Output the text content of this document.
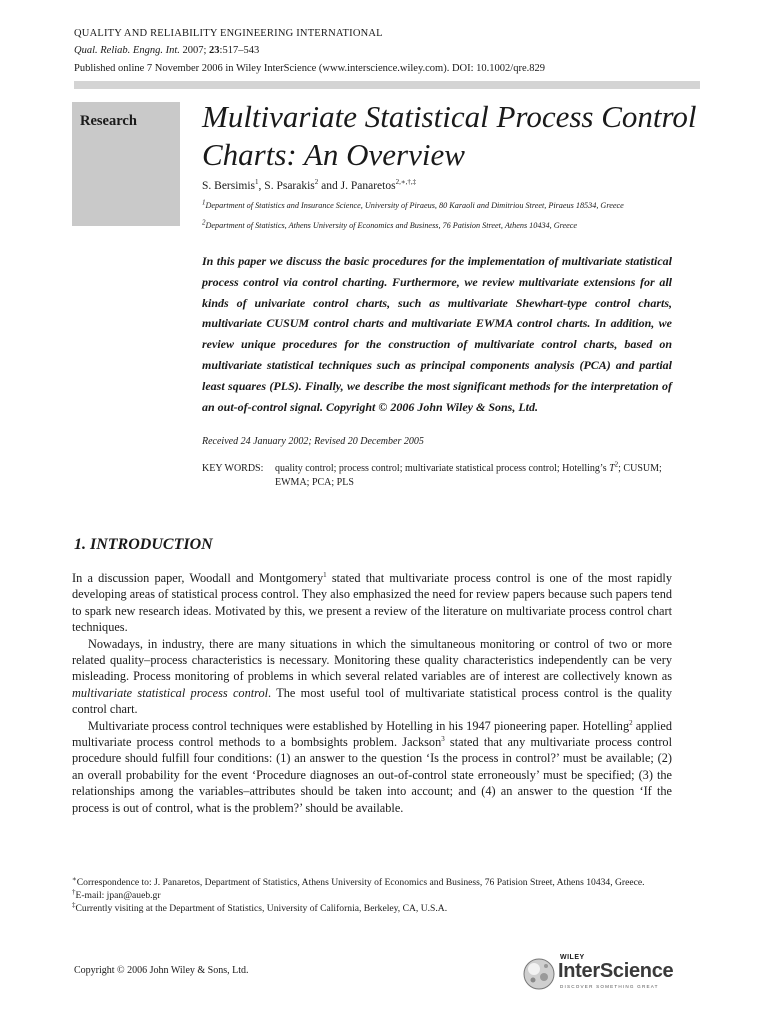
QUALITY AND RELIABILITY ENGINEERING INTERNATIONAL
Qual. Reliab. Engng. Int. 2007; 23:517–543
Published online 7 November 2006 in Wiley InterScience (www.interscience.wiley.com). DOI: 10.1002/qre.829
Research Multivariate Statistical Process Control Charts: An Overview
S. Bersimis$^1$, S. Psarakis$^2$ and J. Panaretos$^{2,∗,\dagger,\ddagger}$
$^1$Department of Statistics and Insurance Science, University of Piraeus, 80 Karaoli and Dimitriou Street, Piraeus 18534, Greece
$^2$Department of Statistics, Athens University of Economics and Business, 76 Patision Street, Athens 10434, Greece

In this paper we discuss the basic procedures for the implementation of multivariate statistical process control via control charting. Furthermore, we review multivariate extensions for all kinds of univariate control charts, such as multivariate Shewhart-type control charts, multivariate CUSUM control charts and multivariate EWMA control charts. In addition, we review unique procedures for the construction of multivariate control charts, based on multivariate statistical techniques such as principal components analysis (PCA) and partial least squares (PLS). Finally, we describe the most significant methods for the interpretation of an out-of-control signal. Copyright © 2006 John Wiley & Sons, Ltd.

Received 24 January 2002; Revised 20 December 2005
KEY WORDS:	quality control; process control; multivariate statistical process control; Hotelling’s $T^2$; CUSUM; EWMA; PCA; PLS
1. INTRODUCTION

In a discussion paper, Woodall and Montgomery$^1$ stated that multivariate process control is one of the most rapidly developing areas of statistical process control. They also emphasized the need for review papers because such papers tend to spark new research ideas. Motivated by this, we present a review of the literature on multivariate process control chart techniques.

Nowadays, in industry, there are many situations in which the simultaneous monitoring or control of two or more related quality–process characteristics is necessary. Monitoring these quality characteristics independently can be very misleading. Process monitoring of problems in which several related variables are of interest are collectively known as multivariate statistical process control. The most useful tool of multivariate statistical process control is the quality control chart.

Multivariate process control techniques were established by Hotelling in his 1947 pioneering paper. Hotelling$^2$ applied multivariate process control methods to a bombsights problem. Jackson$^3$ stated that any multivariate process control procedure should fulfill four conditions: (1) an answer to the question ‘Is the process in control?’ must be available; (2) an overall probability for the event ‘Procedure diagnoses an out-of-control state erroneously’ must be specified; (3) the relationships among the variables–attributes should be taken into account; and (4) an answer to the question ‘If the process is out of control, what is the problem?’ should be available.

∗Correspondence to: J. Panaretos, Department of Statistics, Athens University of Economics and Business, 76 Patision Street, Athens 10434, Greece.
†E-mail: jpan@aueb.gr
‡Currently visiting at the Department of Statistics, University of California, Berkeley, CA, U.S.A.
Copyright © 2006 John Wiley & Sons, Ltd.
WILEY
InterScience
DISCOVER SOMETHING GREAT
